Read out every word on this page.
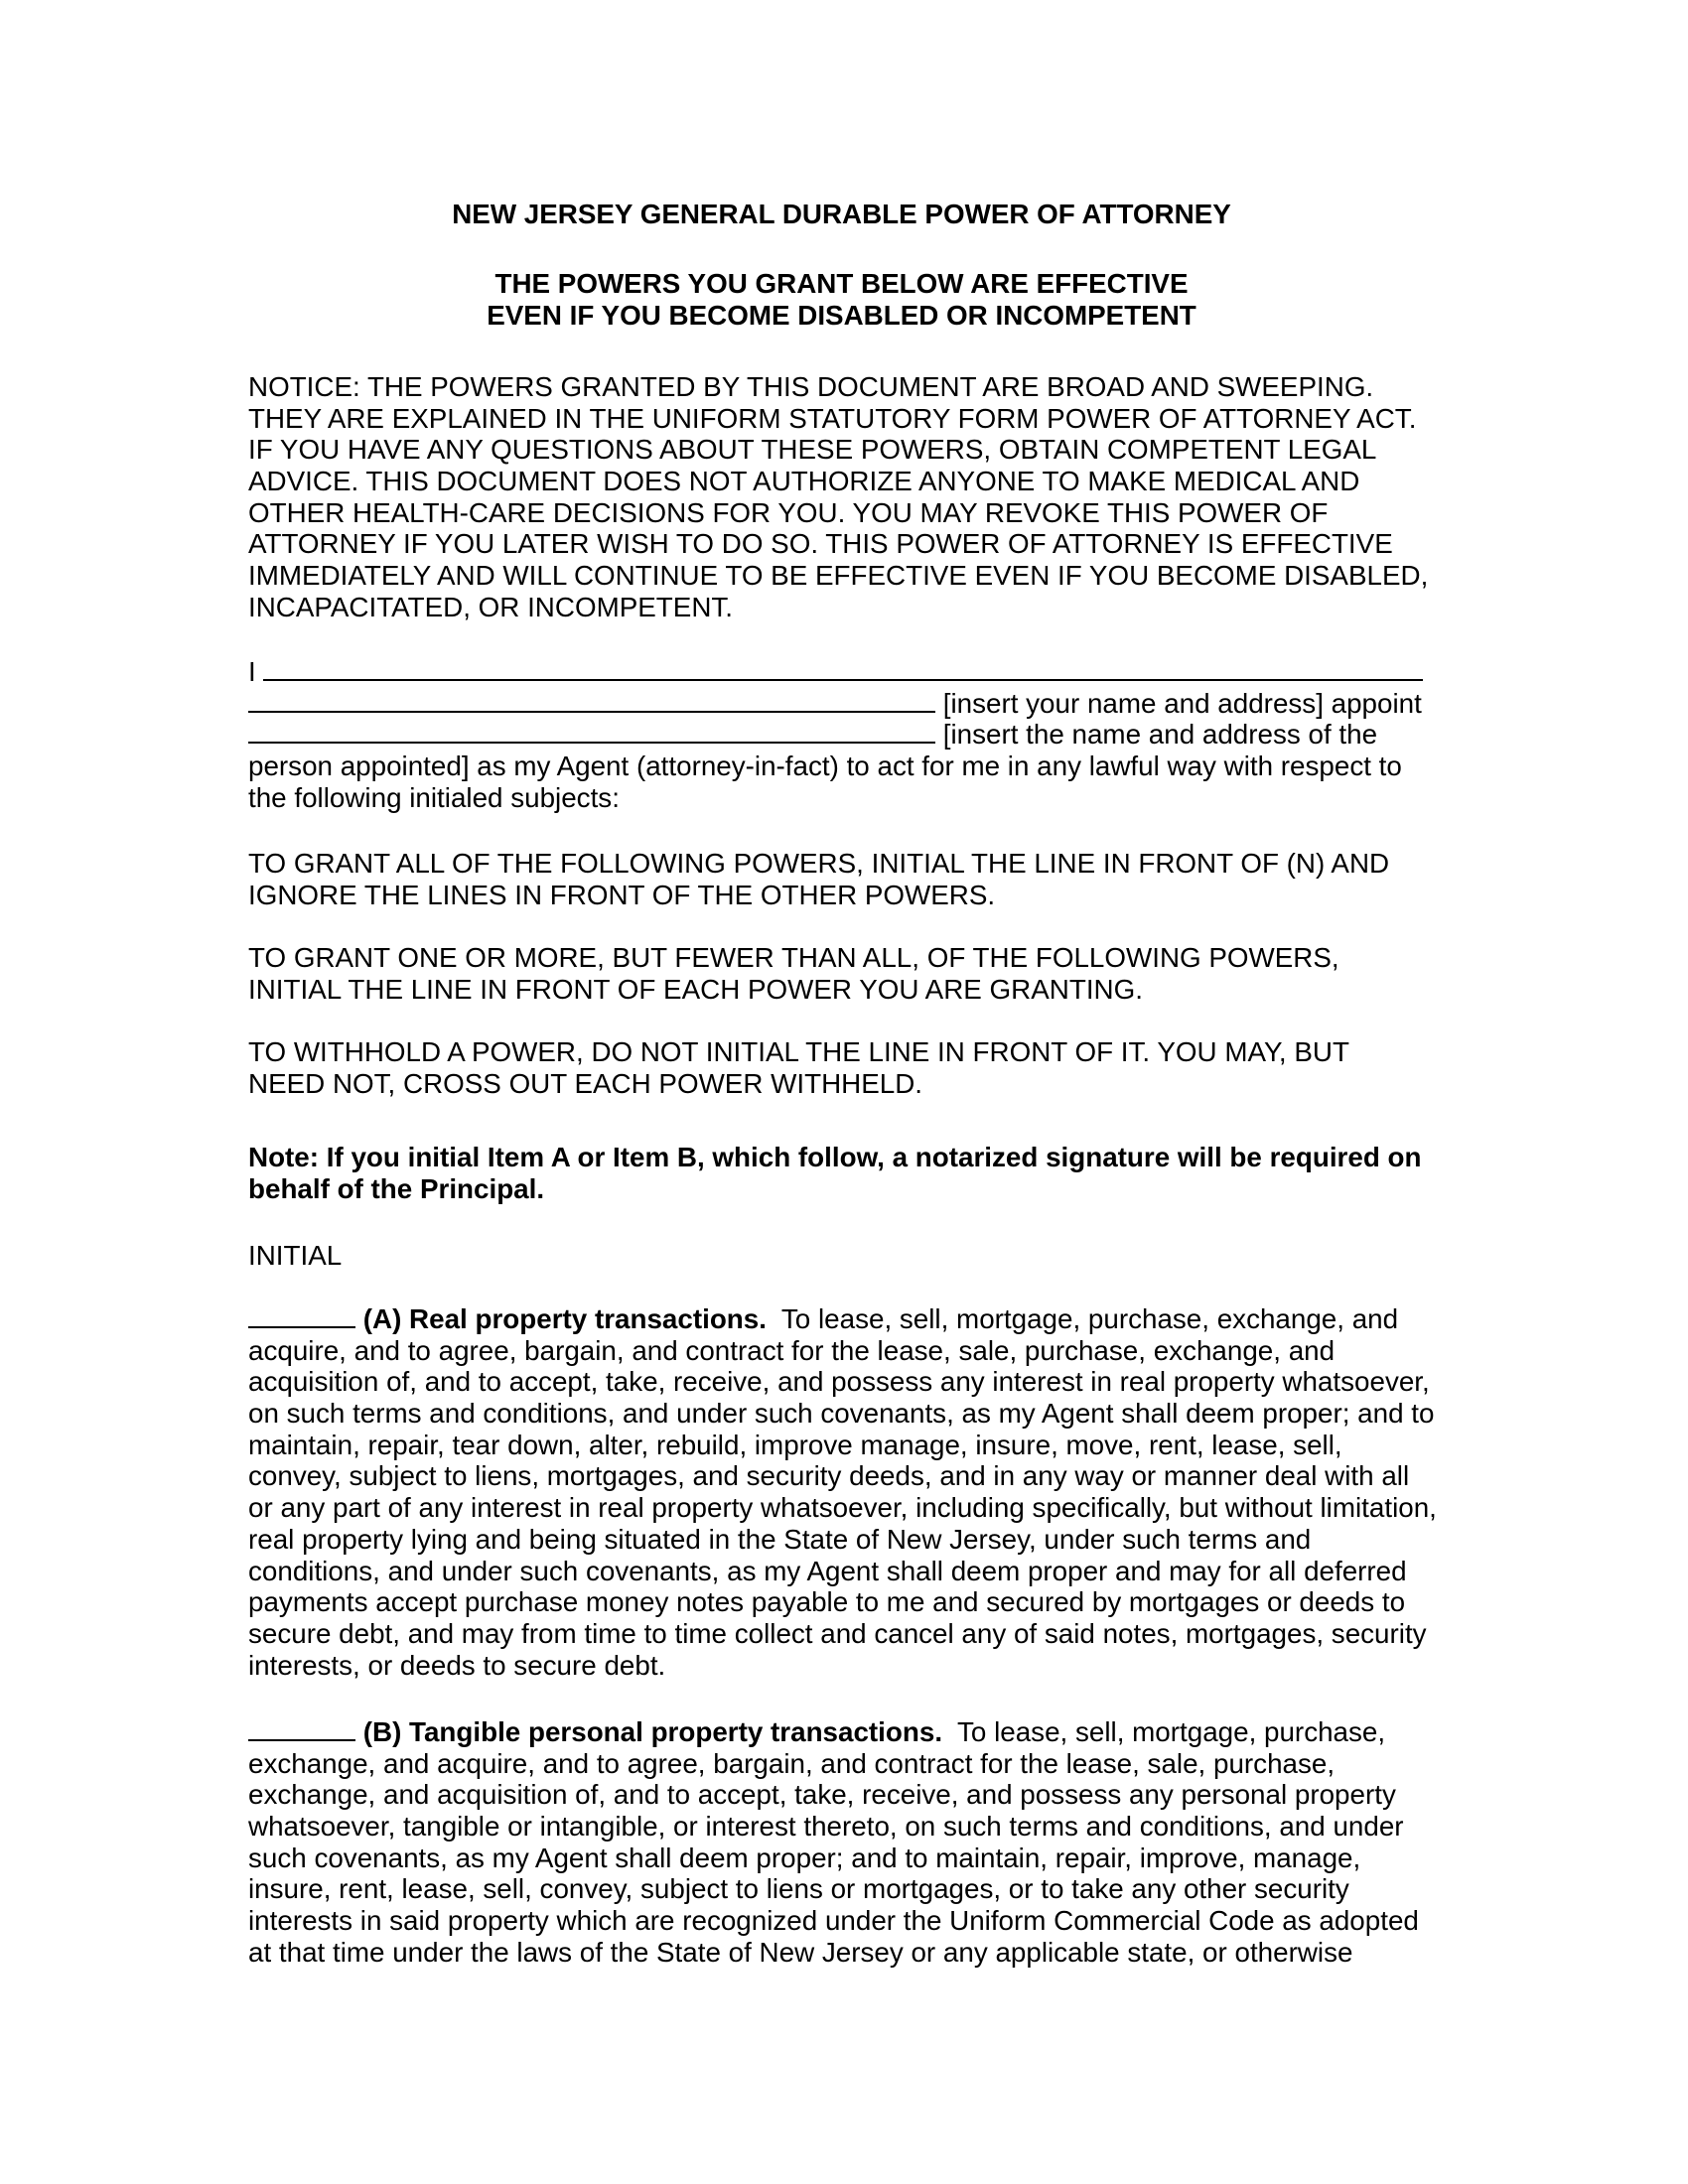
NEW JERSEY GENERAL DURABLE POWER OF ATTORNEY
THE POWERS YOU GRANT BELOW ARE EFFECTIVE
EVEN IF YOU BECOME DISABLED OR INCOMPETENT
NOTICE: THE POWERS GRANTED BY THIS DOCUMENT ARE BROAD AND SWEEPING.
THEY ARE EXPLAINED IN THE UNIFORM STATUTORY FORM POWER OF ATTORNEY ACT.
IF YOU HAVE ANY QUESTIONS ABOUT THESE POWERS, OBTAIN COMPETENT LEGAL
ADVICE. THIS DOCUMENT DOES NOT AUTHORIZE ANYONE TO MAKE MEDICAL AND
OTHER HEALTH-CARE DECISIONS FOR YOU. YOU MAY REVOKE THIS POWER OF
ATTORNEY IF YOU LATER WISH TO DO SO. THIS POWER OF ATTORNEY IS EFFECTIVE
IMMEDIATELY AND WILL CONTINUE TO BE EFFECTIVE EVEN IF YOU BECOME DISABLED,
INCAPACITATED, OR INCOMPETENT.
I
[insert your name and address] appoint
[insert the name and address of the
person appointed] as my Agent (attorney-in-fact) to act for me in any lawful way with respect to
the following initialed subjects:
TO GRANT ALL OF THE FOLLOWING POWERS, INITIAL THE LINE IN FRONT OF (N) AND
IGNORE THE LINES IN FRONT OF THE OTHER POWERS.
TO GRANT ONE OR MORE, BUT FEWER THAN ALL, OF THE FOLLOWING POWERS,
INITIAL THE LINE IN FRONT OF EACH POWER YOU ARE GRANTING.
TO WITHHOLD A POWER, DO NOT INITIAL THE LINE IN FRONT OF IT. YOU MAY, BUT
NEED NOT, CROSS OUT EACH POWER WITHHELD.
Note: If you initial Item A or Item B, which follow, a notarized signature will be required on
behalf of the Principal.
INITIAL
(A) Real property transactions.  To lease, sell, mortgage, purchase, exchange, and
acquire, and to agree, bargain, and contract for the lease, sale, purchase, exchange, and
acquisition of, and to accept, take, receive, and possess any interest in real property whatsoever,
on such terms and conditions, and under such covenants, as my Agent shall deem proper; and to
maintain, repair, tear down, alter, rebuild, improve manage, insure, move, rent, lease, sell,
convey, subject to liens, mortgages, and security deeds, and in any way or manner deal with all
or any part of any interest in real property whatsoever, including specifically, but without limitation,
real property lying and being situated in the State of New Jersey, under such terms and
conditions, and under such covenants, as my Agent shall deem proper and may for all deferred
payments accept purchase money notes payable to me and secured by mortgages or deeds to
secure debt, and may from time to time collect and cancel any of said notes, mortgages, security
interests, or deeds to secure debt.
(B) Tangible personal property transactions.  To lease, sell, mortgage, purchase,
exchange, and acquire, and to agree, bargain, and contract for the lease, sale, purchase,
exchange, and acquisition of, and to accept, take, receive, and possess any personal property
whatsoever, tangible or intangible, or interest thereto, on such terms and conditions, and under
such covenants, as my Agent shall deem proper; and to maintain, repair, improve, manage,
insure, rent, lease, sell, convey, subject to liens or mortgages, or to take any other security
interests in said property which are recognized under the Uniform Commercial Code as adopted
at that time under the laws of the State of New Jersey or any applicable state, or otherwise
